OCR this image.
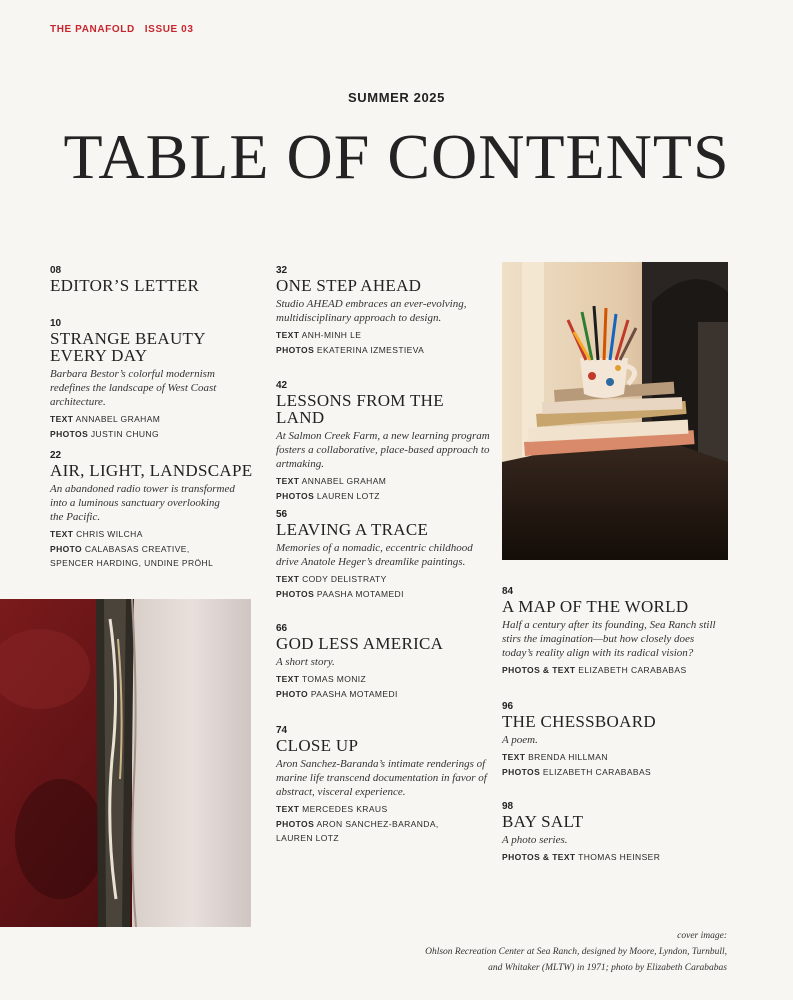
THE PANAFOLD ISSUE 03
SUMMER 2025
TABLE OF CONTENTS
08
EDITOR’S LETTER
10
STRANGE BEAUTY
EVERY DAY
Barbara Bestor’s colorful modernism redefines the landscape of West Coast architecture.
TEXT ANNABEL GRAHAM
PHOTOS JUSTIN CHUNG
22
AIR, LIGHT, LANDSCAPE
An abandoned radio tower is transformed
into a luminous sanctuary overlooking
the Pacific.
TEXT CHRIS WILCHA
PHOTO CALABASAS CREATIVE,
SPENCER HARDING, UNDINE PRÖHL
32
ONE STEP AHEAD
Studio AHEAD embraces an ever-evolving, multidisciplinary approach to design.
TEXT ANH-MINH LE
PHOTOS EKATERINA IZMESTIEVA
42
LESSONS FROM THE LAND
At Salmon Creek Farm, a new learning program fosters a collaborative, place-based approach to artmaking.
TEXT ANNABEL GRAHAM
PHOTOS LAUREN LOTZ
56
LEAVING A TRACE
Memories of a nomadic, eccentric childhood drive Anatole Heger’s dreamlike paintings.
TEXT CODY DELISTRATY
PHOTOS PAASHA MOTAMEDI
66
GOD LESS AMERICA
A short story.
TEXT TOMAS MONIZ
PHOTO PAASHA MOTAMEDI
74
CLOSE UP
Aron Sanchez-Baranda’s intimate renderings of marine life transcend documentation in favor of abstract, visceral experience.
TEXT MERCEDES KRAUS
PHOTOS ARON SANCHEZ-BARANDA,
LAUREN LOTZ
84
A MAP OF THE WORLD
Half a century after its founding, Sea Ranch still stirs the imagination—but how closely does today’s reality align with its radical vision?
PHOTOS & TEXT ELIZABETH CARABABAS
96
THE CHESSBOARD
A poem.
TEXT BRENDA HILLMAN
PHOTOS ELIZABETH CARABABAS
98
BAY SALT
A photo series.
PHOTOS & TEXT THOMAS HEINSER
cover image:
Ohlson Recreation Center at Sea Ranch, designed by Moore, Lyndon, Turnbull,
and Whitaker (MLTW) in 1971; photo by Elizabeth Carababas
